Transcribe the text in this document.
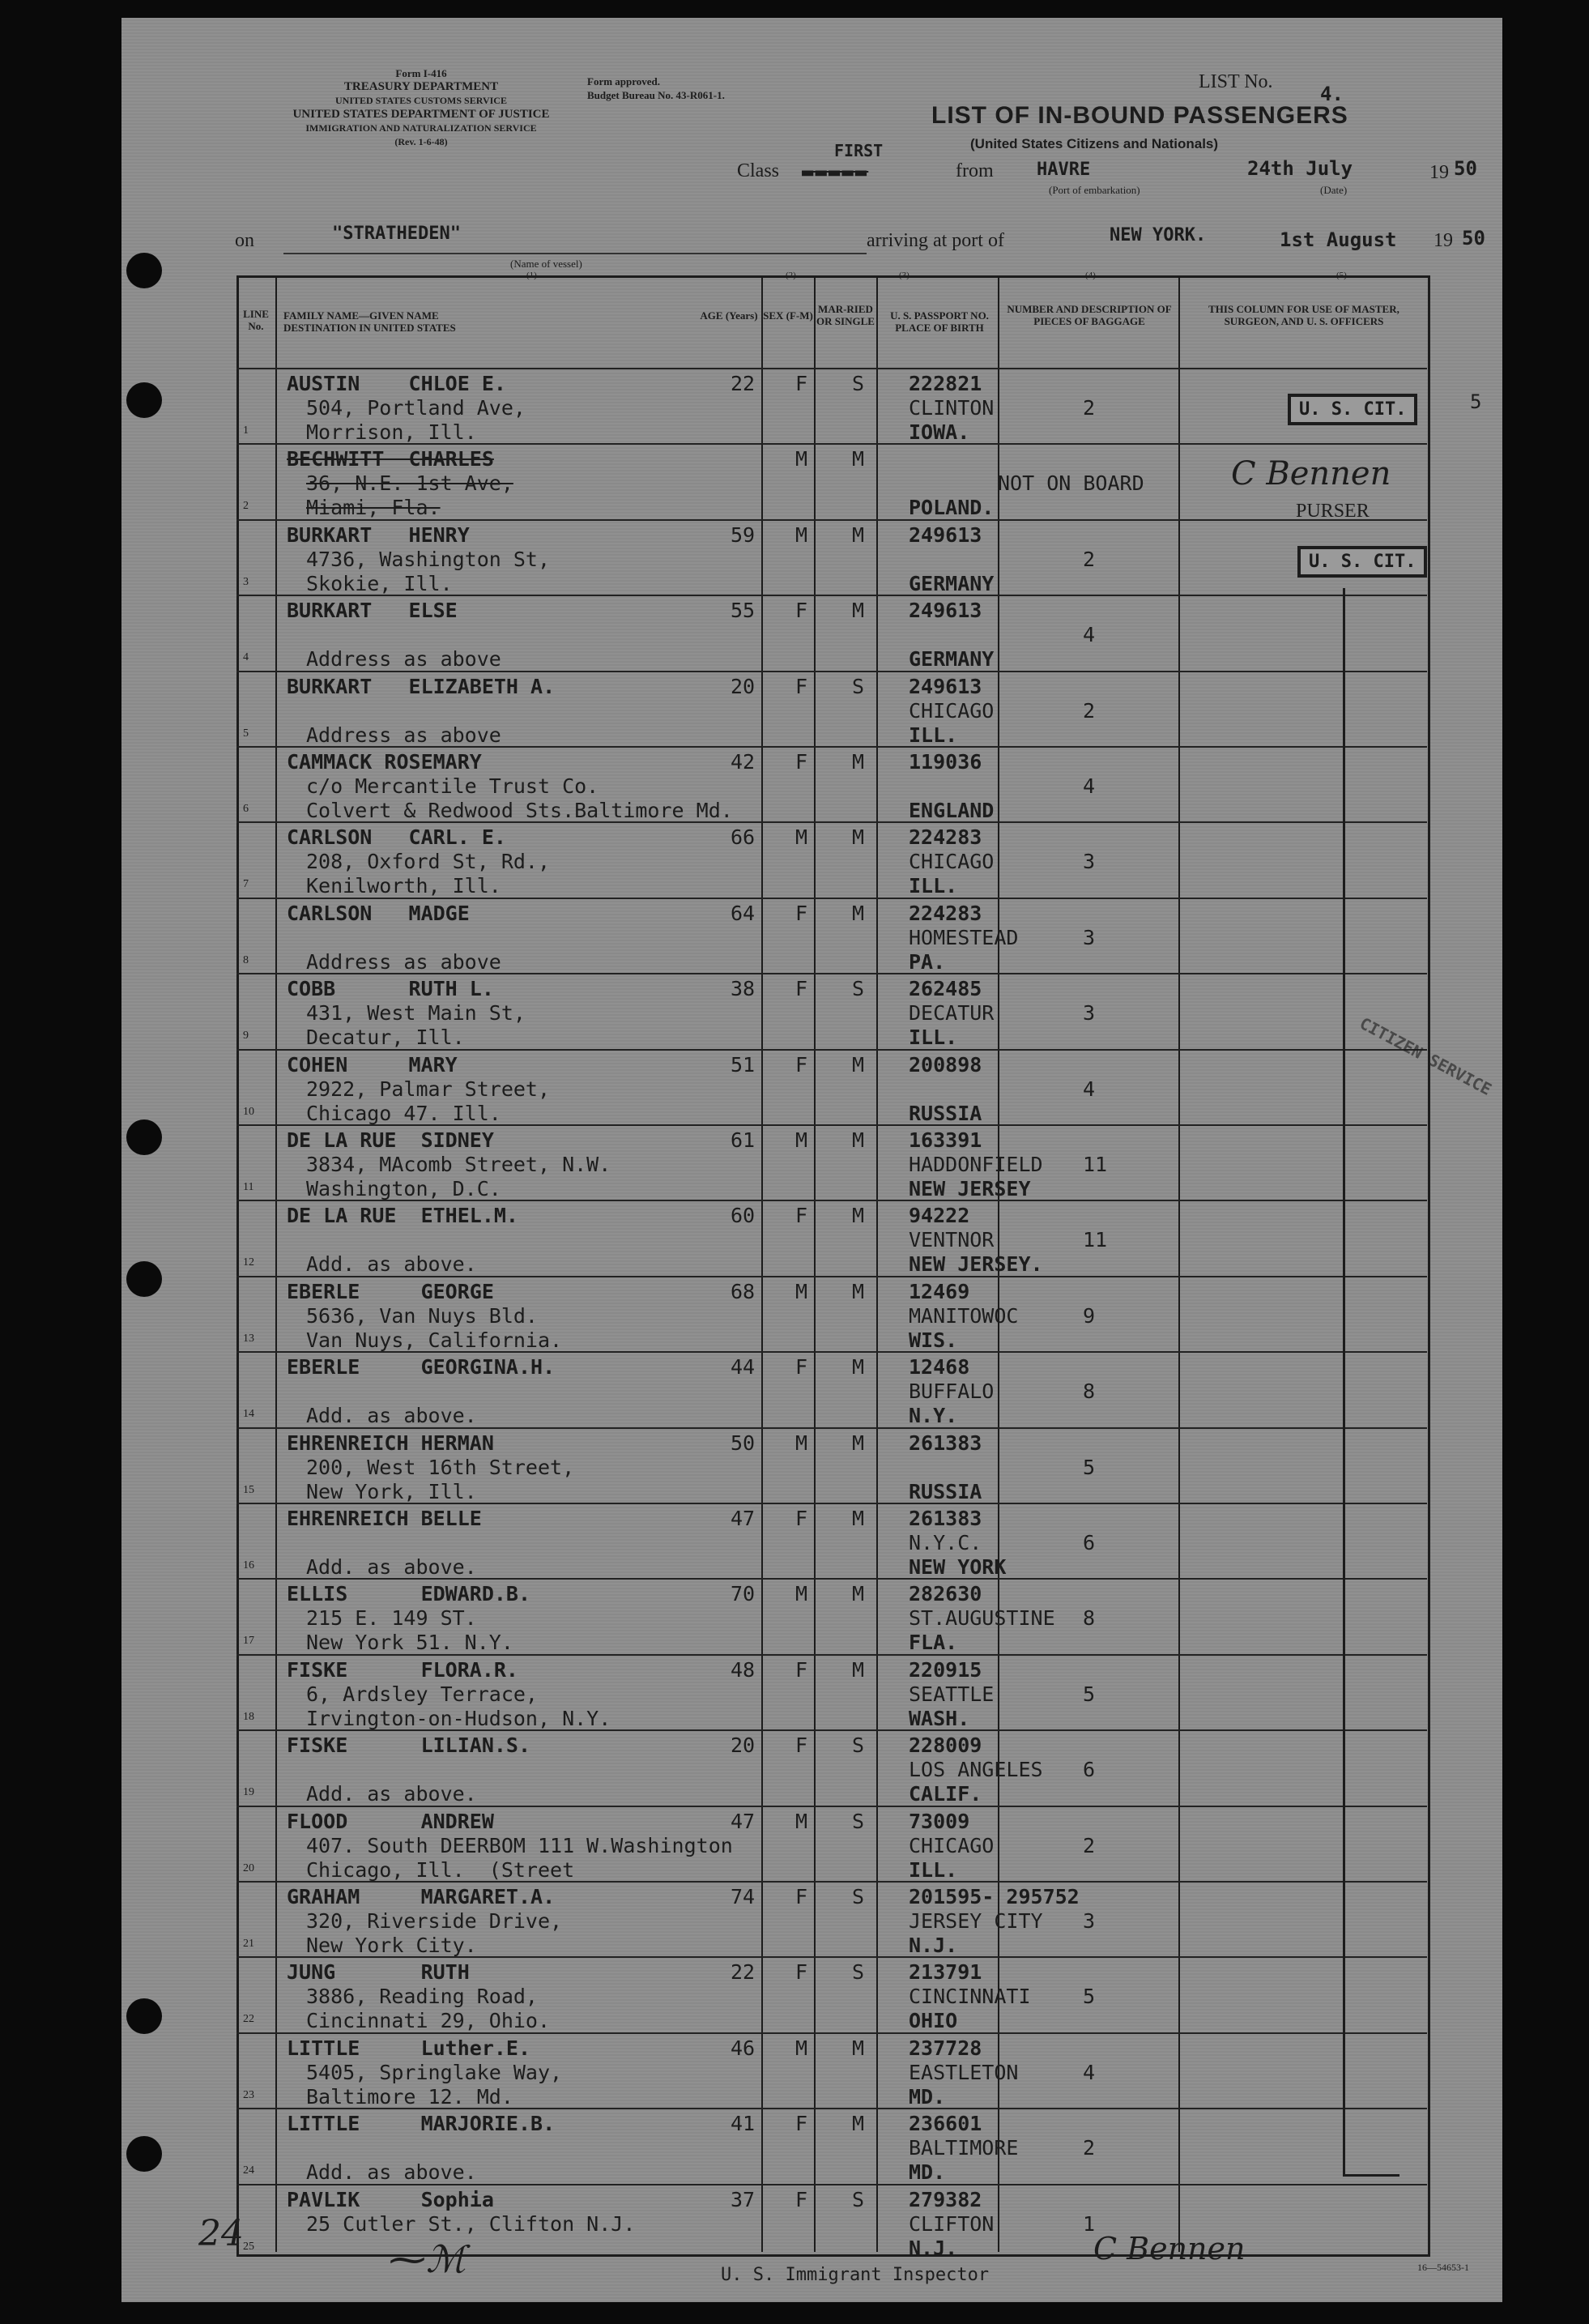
Form I-416
TREASURY DEPARTMENT
UNITED STATES CUSTOMS SERVICE
UNITED STATES DEPARTMENT OF JUSTICE
IMMIGRATION AND NATURALIZATION SERVICE
(Rev. 1-6-48)
Form approved.
Budget Bureau No. 43-R061-1.
LIST No.
4.
LIST OF IN-BOUND PASSENGERS
(United States Citizens and Nationals)
Class
FIRST
▬▬▬▬▬	from HAVRE
(Port of embarkation)
24th July
(Date)
19 50
on	"STRATHEDEN"
(Name of vessel)
(1)
arriving at port of	NEW YORK.	1st August 19 50
(2)	(3)	(4)	(5)
LINE No.
FAMILY NAME—GIVEN NAME
DESTINATION IN UNITED STATES
AGE (Years) SEX (F-M)
MAR-RIED OR SINGLE	U. S. PASSPORT NO. PLACE OF BIRTH
NUMBER AND DESCRIPTION OF PIECES OF BAGGAGE
THIS COLUMN FOR USE OF MASTER, SURGEON, AND U. S. OFFICERS
1
AUSTIN    CHLOE E.
504, Portland Ave,
Morrison, Ill.
22 F S 222821
CLINTON
IOWA.
2
2
BECHWITT  CHARLES
36, N.E. 1st Ave,
Miami, Fla.
M M
POLAND.
NOT ON BOARD
3
BURKART   HENRY
4736, Washington St,
Skokie, Ill.
59 M M 249613
GERMANY
2
4
BURKART   ELSE
Address as above
55 F M 249613
GERMANY
4
5
BURKART   ELIZABETH A.
Address as above
20 F S 249613
CHICAGO
ILL.
2
6
CAMMACK ROSEMARY
c/o Mercantile Trust Co.
Colvert & Redwood Sts.Baltimore Md.
42 F M 119036
ENGLAND
4
7
CARLSON   CARL. E.
208, Oxford St, Rd.,
Kenilworth, Ill.
66 M M 224283
CHICAGO
ILL.
3
8
CARLSON   MADGE
Address as above
64 F M 224283
HOMESTEAD
PA.
3
9
COBB      RUTH L.
431, West Main St,
Decatur, Ill.
38 F S 262485
DECATUR
ILL.
3
10
COHEN     MARY
2922, Palmar Street,
Chicago 47. Ill.
51 F M 200898
RUSSIA
4
11
DE LA RUE  SIDNEY
3834, MAcomb Street, N.W.
Washington, D.C.
61 M M 163391
HADDONFIELD
NEW JERSEY
11
12
DE LA RUE  ETHEL.M.
Add. as above.
60 F M 94222
VENTNOR
NEW JERSEY.
11
13
EBERLE     GEORGE
5636, Van Nuys Bld.
Van Nuys, California.
68 M M 12469
MANITOWOC
WIS.
9
14
EBERLE     GEORGINA.H.
Add. as above.
44 F M 12468
BUFFALO
N.Y.
8
15
EHRENREICH HERMAN
200, West 16th Street,
New York, Ill.
50 M M 261383
RUSSIA
5
16
EHRENREICH BELLE
Add. as above.
47 F M 261383
N.Y.C.
NEW YORK
6
17
ELLIS      EDWARD.B.
215 E. 149 ST.
New York 51. N.Y.
70 M M 282630
ST.AUGUSTINE
FLA.
8
18
FISKE      FLORA.R.
6, Ardsley Terrace,
Irvington-on-Hudson, N.Y.
48 F M 220915
SEATTLE
WASH.
5
19
FISKE      LILIAN.S.
Add. as above.
20 F S 228009
LOS ANGELES
CALIF.
6
20
FLOOD      ANDREW
407. South DEERBOM 111 W.Washington
Chicago, Ill.  (Street
47 M S 73009
CHICAGO
ILL.
2
21
GRAHAM     MARGARET.A.
320, Riverside Drive,
New York City.
74 F S 201595- 295752
JERSEY CITY
N.J.
3
22
JUNG       RUTH
3886, Reading Road,
Cincinnati 29, Ohio.
22 F S 213791
CINCINNATI
OHIO
5
23
LITTLE     Luther.E.
5405, Springlake Way,
Baltimore 12. Md.
46 M M 237728
EASTLETON
MD.
4
24
LITTLE     MARJORIE.B.
Add. as above.
41 F M 236601
BALTIMORE
MD.
2
25
PAVLIK     Sophia
25 Cutler St., Clifton N.J.
37 F S 279382
CLIFTON
N.J.
1
U. S. CIT.	5
C Bennen
PURSER
U. S. CIT.
CITIZEN SERVICE
U. S. Immigrant Inspector
⁓ℳ	C Bennen
16—54653-1
24
